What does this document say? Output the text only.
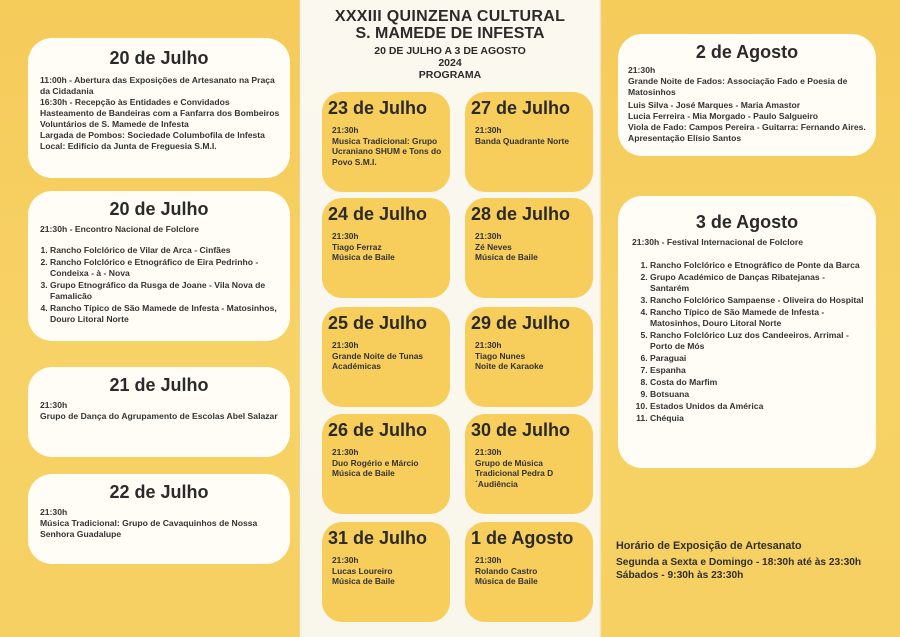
XXXIII QUINZENA CULTURAL
S. MAMEDE DE INFESTA
20 DE JULHO A 3 DE AGOSTO
2024
PROGRAMA
20 de Julho
11:00h - Abertura das Exposições de Artesanato na Praça da Cidadania
16:30h - Recepção às Entidades e Convidados Hasteamento de Bandeiras com a Fanfarra dos Bombeiros Voluntários de S. Mamede de Infesta
Largada de Pombos: Sociedade Columbofila de Infesta
Local: Edifício da Junta de Freguesia S.M.I.
20 de Julho
21:30h - Encontro Nacional de Folclore
1. Rancho Folclórico de Vilar de Arca - Cinfães
2. Rancho Folclórico e Etnográfico de Eira Pedrinho - Condeixa - à - Nova
3. Grupo Etnográfico da Rusga de Joane - Vila Nova de Famalicão
4. Rancho Típico de São Mamede de Infesta - Matosinhos, Douro Litoral Norte
21 de Julho
21:30h
Grupo de Dança do Agrupamento de Escolas Abel Salazar
22 de Julho
21:30h
Música Tradicional: Grupo de Cavaquinhos de Nossa Senhora Guadalupe
23 de Julho
21:30h
Musica Tradicional: Grupo Ucraniano SHUM e Tons do Povo S.M.I.
27 de Julho
21:30h
Banda Quadrante Norte
24 de Julho
21:30h
Tiago Ferraz
Música de Baile
28 de Julho
21:30h
Zé Neves
Música de Baile
25 de Julho
21:30h
Grande Noite de Tunas Académicas
29 de Julho
21:30h
Tiago Nunes
Noite de Karaoke
26 de Julho
21:30h
Duo Rogério e Márcio
Música de Baile
30 de Julho
21:30h
Grupo de Música Tradicional Pedra D´Audiência
31 de Julho
21:30h
Lucas Loureiro
Música de Baile
1 de Agosto
21:30h
Rolando Castro
Música de Baile
2 de Agosto
21:30h
Grande Noite de Fados: Associação Fado e Poesia de Matosinhos
Luis Silva - José Marques - Maria Amastor
Lucia Ferreira - Mia Morgado - Paulo Salgueiro
Viola de Fado: Campos Pereira - Guitarra: Fernando Aires. Apresentação Elísio Santos
3 de Agosto
21:30h - Festival Internacional de Folclore
1. Rancho Folclórico e Etnográfico de Ponte da Barca
2. Grupo Académico de Danças Ribatejanas - Santarém
3. Rancho Folclórico Sampaense - Oliveira do Hospital
4. Rancho Típico de São Mamede de Infesta - Matosinhos, Douro Litoral Norte
5. Rancho Folclórico Luz dos Candeeiros. Arrimal - Porto de Mós
6. Paraguai
7. Espanha
8. Costa do Marfim
9. Botsuana
10. Estados Unidos da América
11. Chéquia
Horário de Exposição de Artesanato
Segunda a Sexta e Domingo - 18:30h até às 23:30h
Sábados - 9:30h às 23:30h
